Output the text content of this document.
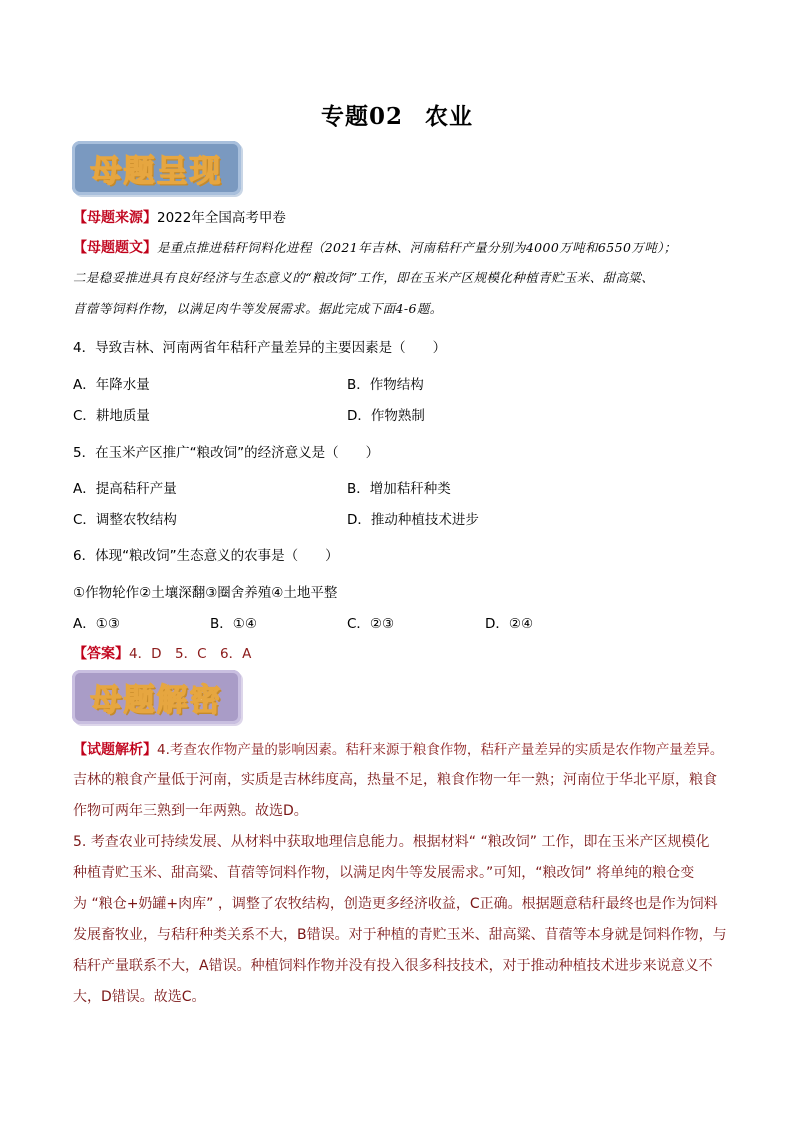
专题02 农业
母题呈现
【母题来源】2022年全国高考甲卷
【母题题文】是重点推进秸秆饲料化进程（2021年吉林、河南秸秆产量分别为4000万吨和6550万吨）；
二是稳妥推进具有良好经济与生态意义的“粮改饲”工作，即在玉米产区规模化种植青贮玉米、甜高粱、
苜蓿等饲料作物，以满足肉牛等发展需求。据此完成下面4-6题。
4．导致吉林、河南两省年秸秆产量差异的主要因素是（　　）
A．年降水量	B．作物结构
C．耕地质量	D．作物熟制
5．在玉米产区推广“粮改饲”的经济意义是（　　）
A．提高秸秆产量	B．增加秸秆种类
C．调整农牧结构	D．推动种植技术进步
6．体现“粮改饲”生态意义的农事是（　　）
①作物轮作②土壤深翻③圈舍养殖④土地平整
A．①③	B．①④	C．②③	D．②④
【答案】4．D　5．C　6．A
母题解密
【试题解析】4.考查农作物产量的影响因素。秸秆来源于粮食作物，秸秆产量差异的实质是农作物产量差异。
吉林的粮食产量低于河南，实质是吉林纬度高，热量不足，粮食作物一年一熟；河南位于华北平原，粮食
作物可两年三熟到一年两熟。故选D。
5. 考查农业可持续发展、从材料中获取地理信息能力。根据材料“ “粮改饲” 工作，即在玉米产区规模化
种植青贮玉米、甜高粱、苜蓿等饲料作物，以满足肉牛等发展需求。”可知，“粮改饲” 将单纯的粮仓变
为 “粮仓+奶罐+肉库” ，调整了农牧结构，创造更多经济收益，C正确。根据题意秸秆最终也是作为饲料
发展畜牧业，与秸秆种类关系不大，B错误。对于种植的青贮玉米、甜高粱、苜蓿等本身就是饲料作物，与
秸秆产量联系不大，A错误。种植饲料作物并没有投入很多科技技术，对于推动种植技术进步来说意义不
大，D错误。故选C。
